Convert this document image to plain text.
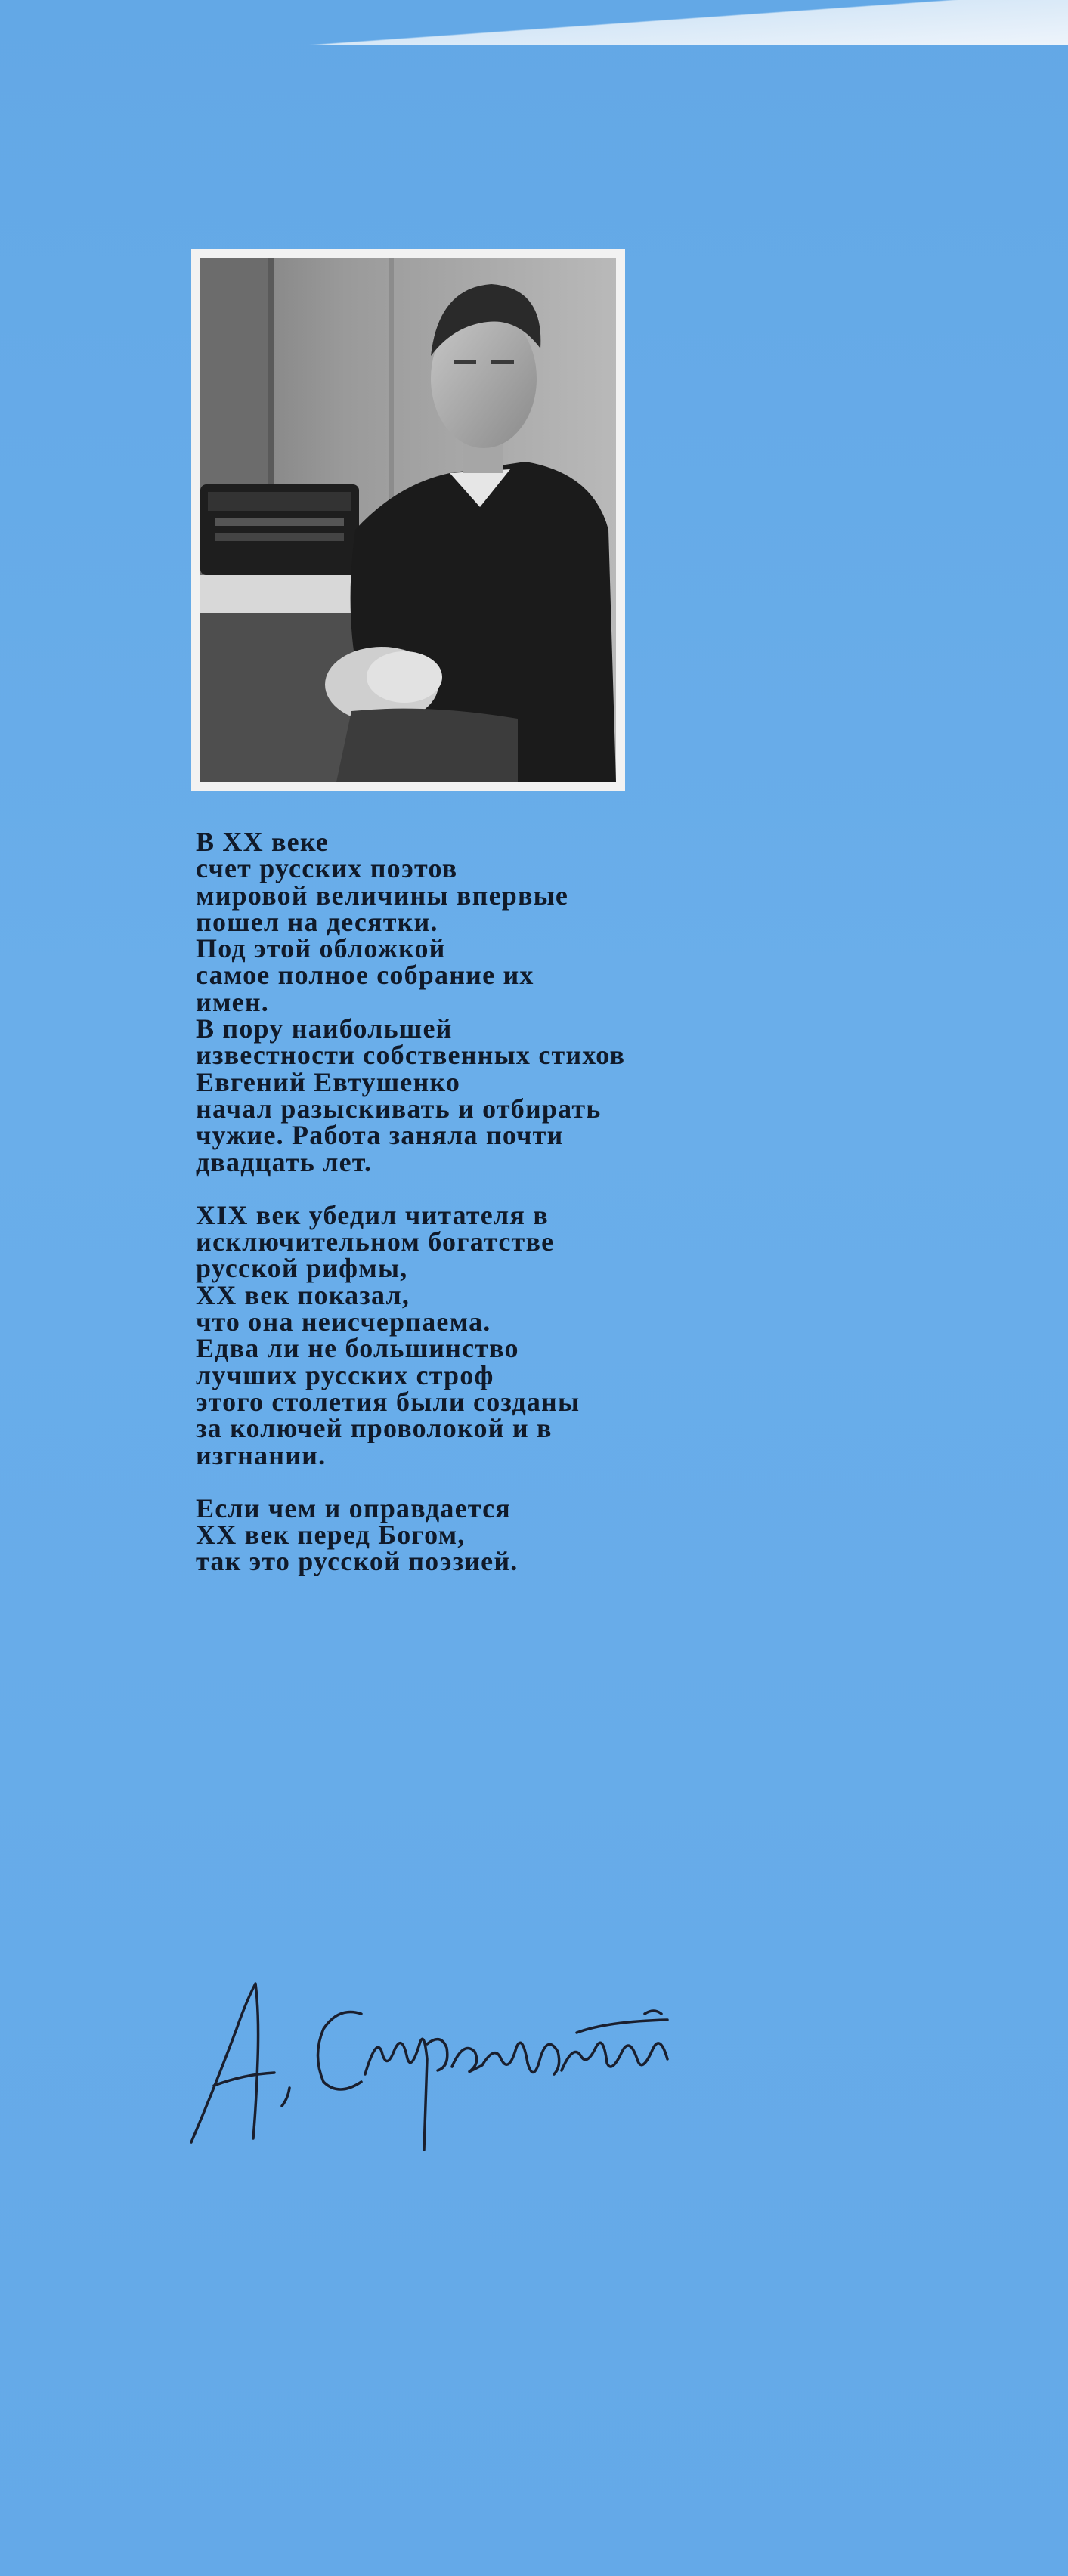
В XX веке
счет русских поэтов
мировой величины впервые
пошел на десятки.
Под этой обложкой
самое полное собрание их
имен.
В пору наибольшей
известности собственных стихов
Евгений Евтушенко
начал разыскивать и отбирать
чужие. Работа заняла почти
двадцать лет.
XIX век убедил читателя в
исключительном богатстве
русской рифмы,
XX век показал,
что она неисчерпаема.
Едва ли не большинство
лучших русских строф
этого столетия были созданы
за колючей проволокой и в
изгнании.
Если чем и оправдается
XX век перед Богом,
так это русской поэзией.
